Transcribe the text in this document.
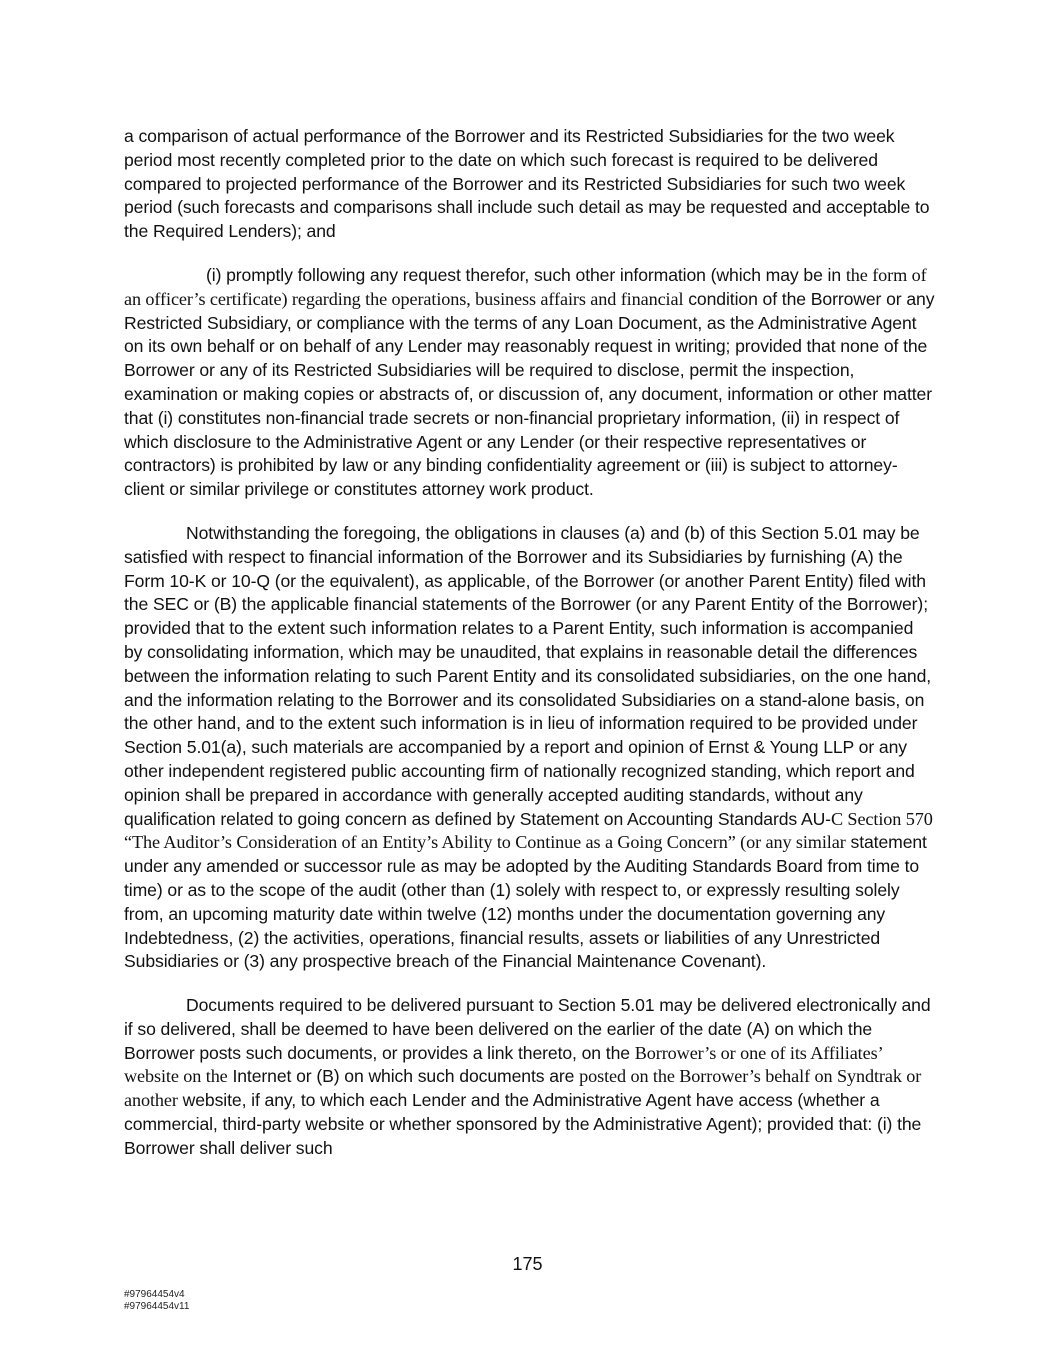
a comparison of actual performance of the Borrower and its Restricted Subsidiaries for the two week period most recently completed prior to the date on which such forecast is required to be delivered compared to projected performance of the Borrower and its Restricted Subsidiaries for such two week period (such forecasts and comparisons shall include such detail as may be requested and acceptable to the Required Lenders); and

(i) promptly following any request therefor, such other information (which may be in the form of an officer’s certificate) regarding the operations, business affairs and financial condition of the Borrower or any Restricted Subsidiary, or compliance with the terms of any Loan Document, as the Administrative Agent on its own behalf or on behalf of any Lender may reasonably request in writing; provided that none of the Borrower or any of its Restricted Subsidiaries will be required to disclose, permit the inspection, examination or making copies or abstracts of, or discussion of, any document, information or other matter that (i) constitutes non-financial trade secrets or non-financial proprietary information, (ii) in respect of which disclosure to the Administrative Agent or any Lender (or their respective representatives or contractors) is prohibited by law or any binding confidentiality agreement or (iii) is subject to attorney-client or similar privilege or constitutes attorney work product.

Notwithstanding the foregoing, the obligations in clauses (a) and (b) of this Section 5.01 may be satisfied with respect to financial information of the Borrower and its Subsidiaries by furnishing (A) the Form 10-K or 10-Q (or the equivalent), as applicable, of the Borrower (or another Parent Entity) filed with the SEC or (B) the applicable financial statements of the Borrower (or any Parent Entity of the Borrower); provided that to the extent such information relates to a Parent Entity, such information is accompanied by consolidating information, which may be unaudited, that explains in reasonable detail the differences between the information relating to such Parent Entity and its consolidated subsidiaries, on the one hand, and the information relating to the Borrower and its consolidated Subsidiaries on a stand-alone basis, on the other hand, and to the extent such information is in lieu of information required to be provided under Section 5.01(a), such materials are accompanied by a report and opinion of Ernst & Young LLP or any other independent registered public accounting firm of nationally recognized standing, which report and opinion shall be prepared in accordance with generally accepted auditing standards, without any qualification related to going concern as defined by Statement on Accounting Standards AU-C Section 570 “The Auditor’s Consideration of an Entity’s Ability to Continue as a Going Concern” (or any similar statement under any amended or successor rule as may be adopted by the Auditing Standards Board from time to time) or as to the scope of the audit (other than (1) solely with respect to, or expressly resulting solely from, an upcoming maturity date within twelve (12) months under the documentation governing any Indebtedness, (2) the activities, operations, financial results, assets or liabilities of any Unrestricted Subsidiaries or (3) any prospective breach of the Financial Maintenance Covenant).

Documents required to be delivered pursuant to Section 5.01 may be delivered electronically and if so delivered, shall be deemed to have been delivered on the earlier of the date (A) on which the Borrower posts such documents, or provides a link thereto, on the Borrower’s or one of its Affiliates’ website on the Internet or (B) on which such documents are posted on the Borrower’s behalf on Syndtrak or another website, if any, to which each Lender and the Administrative Agent have access (whether a commercial, third-party website or whether sponsored by the Administrative Agent); provided that: (i) the Borrower shall deliver such

175
#97964454v4
#97964454v11
